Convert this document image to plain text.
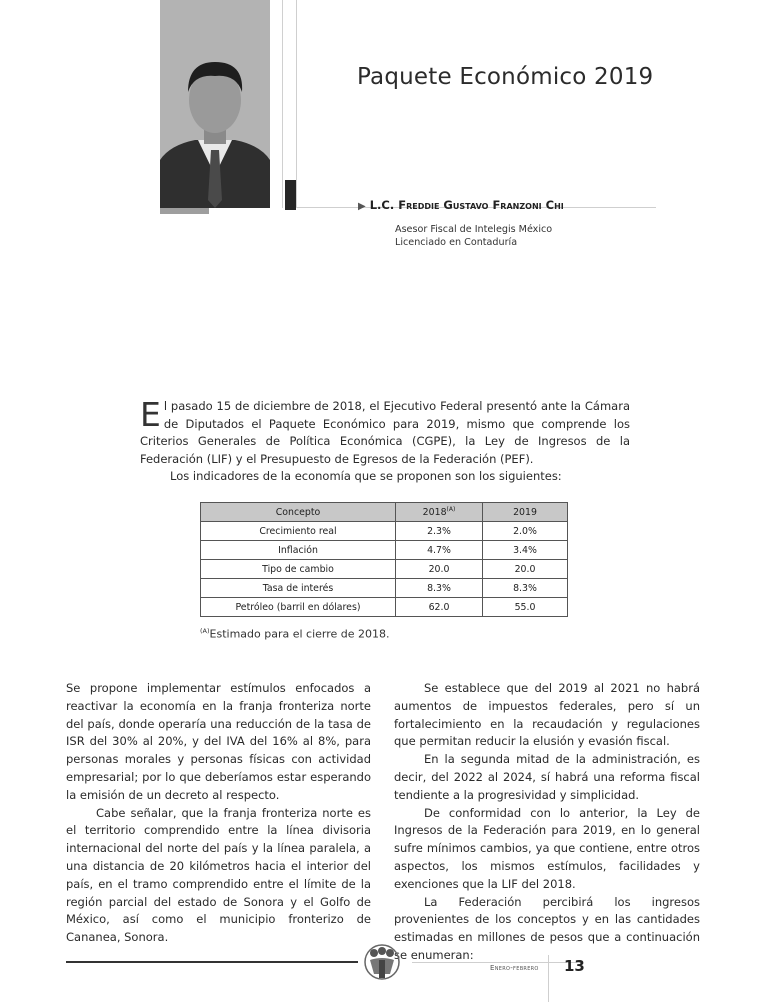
Paquete Económico 2019
▶ L.C. Freddie Gustavo Franzoni Chi
Asesor Fiscal de Intelegis México
Licenciado en Contaduría

El pasado 15 de diciembre de 2018, el Ejecutivo Federal presentó ante la Cámara de Diputados el Paquete Económico para 2019, mismo que comprende los Criterios Generales de Política Económica (CGPE), la Ley de Ingresos de la Federación (LIF) y el Presupuesto de Egresos de la Federación (PEF).

Los indicadores de la economía que se proponen son los siguientes:

Concepto	$2018^{(A)}$	2019
Crecimiento real	2.3%	2.0%
Inflación	4.7%	3.4%
Tipo de cambio	20.0	20.0
Tasa de interés	8.3%	8.3%
Petróleo (barril en dólares)	62.0	55.0
$^{(A)}$Estimado para el cierre de 2018.

Se propone implementar estímulos enfocados a reactivar la economía en la franja fronteriza norte del país, donde operaría una reducción de la tasa de ISR del 30% al 20%, y del IVA del 16% al 8%, para personas morales y personas físicas con actividad empresarial; por lo que deberíamos estar esperando la emisión de un decreto al respecto.

Cabe señalar, que la franja fronteriza norte es el territorio comprendido entre la línea divisoria internacional del norte del país y la línea paralela, a una distancia de 20 kilómetros hacia el interior del país, en el tramo comprendido entre el límite de la región parcial del estado de Sonora y el Golfo de México, así como el municipio fronterizo de Cananea, Sonora.

Se establece que del 2019 al 2021 no habrá aumentos de impuestos federales, pero sí un fortalecimiento en la recaudación y regulaciones que permitan reducir la elusión y evasión fiscal.

En la segunda mitad de la administración, es decir, del 2022 al 2024, sí habrá una reforma fiscal tendiente a la progresividad y simplicidad.

De conformidad con lo anterior, la Ley de Ingresos de la Federación para 2019, en lo general sufre mínimos cambios, ya que contiene, entre otros aspectos, los mismos estímulos, facilidades y exenciones que la LIF del 2018.

La Federación percibirá los ingresos provenientes de los conceptos y en las cantidades estimadas en millones de pesos que a continuación se enumeran:

Enero-febrero 13
